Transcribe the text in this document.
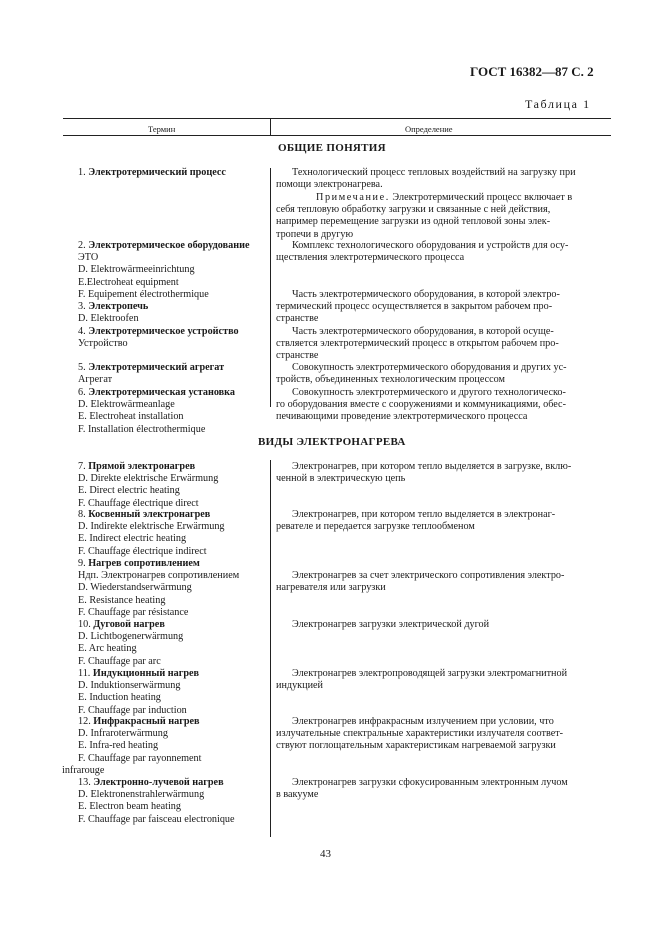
ГОСТ 16382—87 С. 2
Таблица 1
Термин	Определение
ОБЩИЕ ПОНЯТИЯ
ВИДЫ ЭЛЕКТРОНАГРЕВА
1. Электротермический процесс
2. Электротермическое оборудование
ЭТО
D. Elektrowärmeeinrichtung
E.Electroheat equipment
F. Equipement électrothermique
3. Электропечь
D. Elektroofen
4. Электротермическое устройство
Устройство
5. Электротермический агрегат
Агрегат
6. Электротермическая установка
D. Elektrowärmeanlage
E. Electroheat installation
F. Installation électrothermique
7. Прямой электронагрев
D. Direkte elektrische Erwärmung
E. Direct electric heating
F. Chauffage électrique direct
8. Косвенный электронагрев
D. Indirekte elektrische Erwärmung
E. Indirect electric heating
F. Chauffage électrique indirect
9. Нагрев сопротивлением
Ндп. Электронагрев сопротивлением
D. Wiederstandserwärmung
E. Resistance heating
F. Chauffage par résistance
10. Дуговой нагрев
D. Lichtbogenerwärmung
E. Arc heating
F. Chauffage par arc
11. Индукционный нагрев
D. Induktionserwärmung
E. Induction heating
F. Chauffage par induction
12. Инфракрасный нагрев
D. Infraroterwärmung
E. Infra-red heating
F. Chauffage par rayonnement
infrarouge
13. Электронно-лучевой нагрев
D. Elektronenstrahlerwärmung
E. Electron beam heating
F. Chauffage par faisceau electronique
Технологический процесс тепловых воздействий на загрузку при
помощи электронагрева.
Примечание. Электротермический процесс включает в
себя тепловую обработку загрузки и связанные с ней действия,
например перемещение загрузки из одной тепловой зоны элек-
тропечи в другую
Комплекс технологического оборудования и устройств для осу-
ществления электротермического процесса
Часть электротермического оборудования, в которой электро-
термический процесс осуществляется в закрытом рабочем про-
странстве
Часть электротермического оборудования, в которой осуще-
ствляется электротермический процесс в открытом рабочем про-
странстве
Совокупность электротермического оборудования и других ус-
тройств, объединенных технологическим процессом
Совокупность электротермического и другого технологическо-
го оборудования вместе с сооружениями и коммуникациями, обес-
печивающими проведение электротермического процесса
Электронагрев, при котором тепло выделяется в загрузке, вклю-
ченной в электрическую цепь
Электронагрев, при котором тепло выделяется в электронаг-
ревателе и передается загрузке теплообменом
Электронагрев за счет электрического сопротивления электро-
нагревателя или загрузки
Электронагрев загрузки электрической дугой
Электронагрев электропроводящей загрузки электромагнитной
индукцией
Электронагрев инфракрасным излучением при условии, что
излучательные спектральные характеристики излучателя соответ-
ствуют поглощательным характеристикам нагреваемой загрузки
Электронагрев загрузки сфокусированным электронным лучом
в вакууме
43
